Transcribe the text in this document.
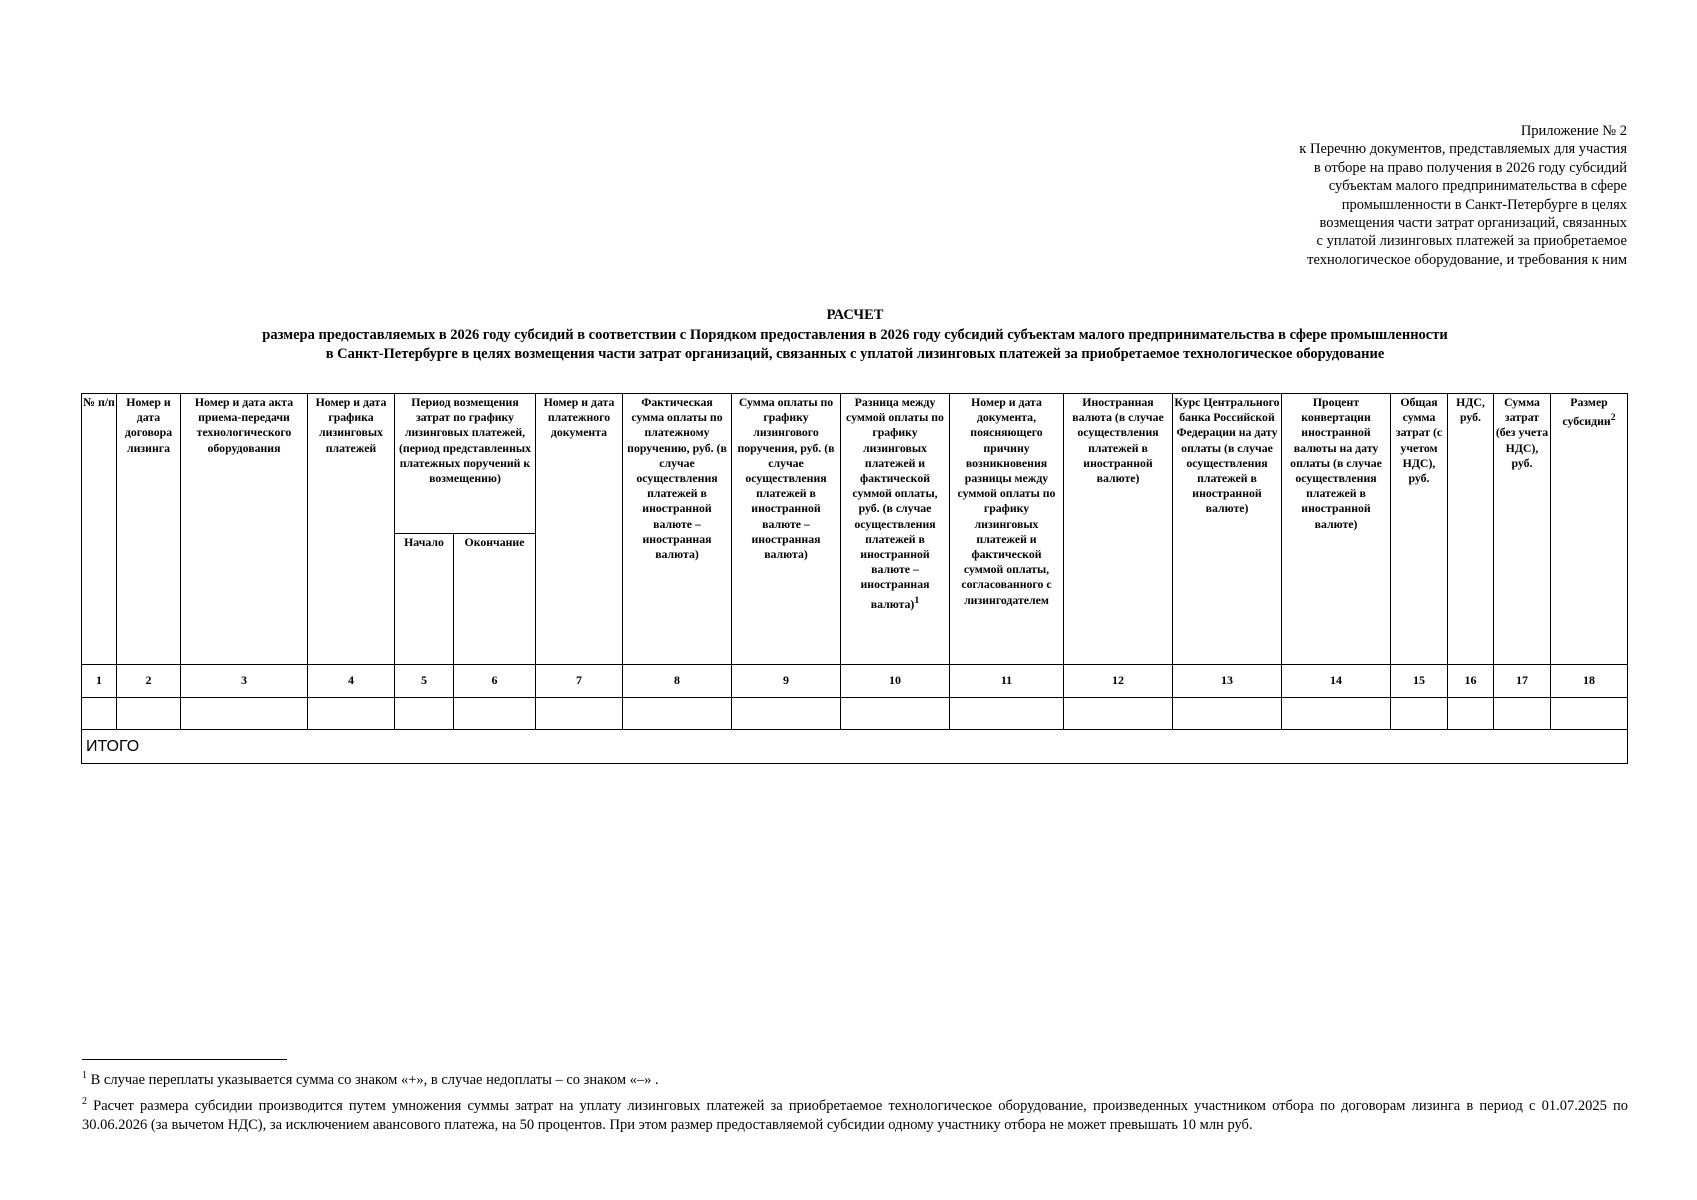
Приложение № 2
к Перечню документов, представляемых для участия
в отборе на право получения в 2026 году субсидий
субъектам малого предпринимательства в сфере
промышленности в Санкт-Петербурге в целях
возмещения части затрат организаций, связанных
с уплатой лизинговых платежей за приобретаемое
технологическое оборудование, и требования к ним
РАСЧЕТ
размера предоставляемых в 2026 году субсидий в соответствии с Порядком предоставления в 2026 году субсидий субъектам малого предпринимательства в сфере промышленности
в Санкт-Петербурге в целях возмещения части затрат организаций, связанных с уплатой лизинговых платежей за приобретаемое технологическое оборудование
№ п/п	Номер и дата договора лизинга	Номер и дата акта приема-передачи технологического оборудования	Номер и дата графика лизинговых платежей	Период возмещения затрат по графику лизинговых платежей, (период представленных платежных поручений к возмещению)		Номер и дата платежного документа	Фактическая сумма оплаты по платежному поручению, руб. (в случае осуществления платежей в иностранной валюте – иностранная валюта)	Сумма оплаты по графику лизингового поручения, руб. (в случае осуществления платежей в иностранной валюте – иностранная валюта)	Разница между суммой оплаты по графику лизинговых платежей и фактической суммой оплаты, руб. (в случае осуществления платежей в иностранной валюте – иностранная валюта)$^1$	Номер и дата документа, поясняющего причину возникновения разницы между суммой оплаты по графику лизинговых платежей и фактической суммой оплаты, согласованного с лизингодателем	Иностранная валюта (в случае осуществления платежей в иностранной валюте)	Курс Центрального банка Российской Федерации на дату оплаты (в случае осуществления платежей в иностранной валюте)	Процент конвертации иностранной валюты на дату оплаты (в случае осуществления платежей в иностранной валюте)	Общая сумма затрат (с учетом НДС), руб.	НДС, руб.	Сумма затрат (без учета НДС), руб.	Размер субсидии$^2$
				Начало	Окончание												
1	2	3	4	5	6	7	8	9	10	11	12	13	14	15	16	17	18

ИТОГО																	
$^1$ В случае переплаты указывается сумма со знаком «+», в случае недоплаты – со знаком «–» .
$^2$ Расчет размера субсидии производится путем умножения суммы затрат на уплату лизинговых платежей за приобретаемое технологическое оборудование, произведенных участником отбора по договорам лизинга в период с 01.07.2025 по 30.06.2026 (за вычетом НДС), за исключением авансового платежа, на 50 процентов. При этом размер предоставляемой субсидии одному участнику отбора не может превышать 10 млн руб.
